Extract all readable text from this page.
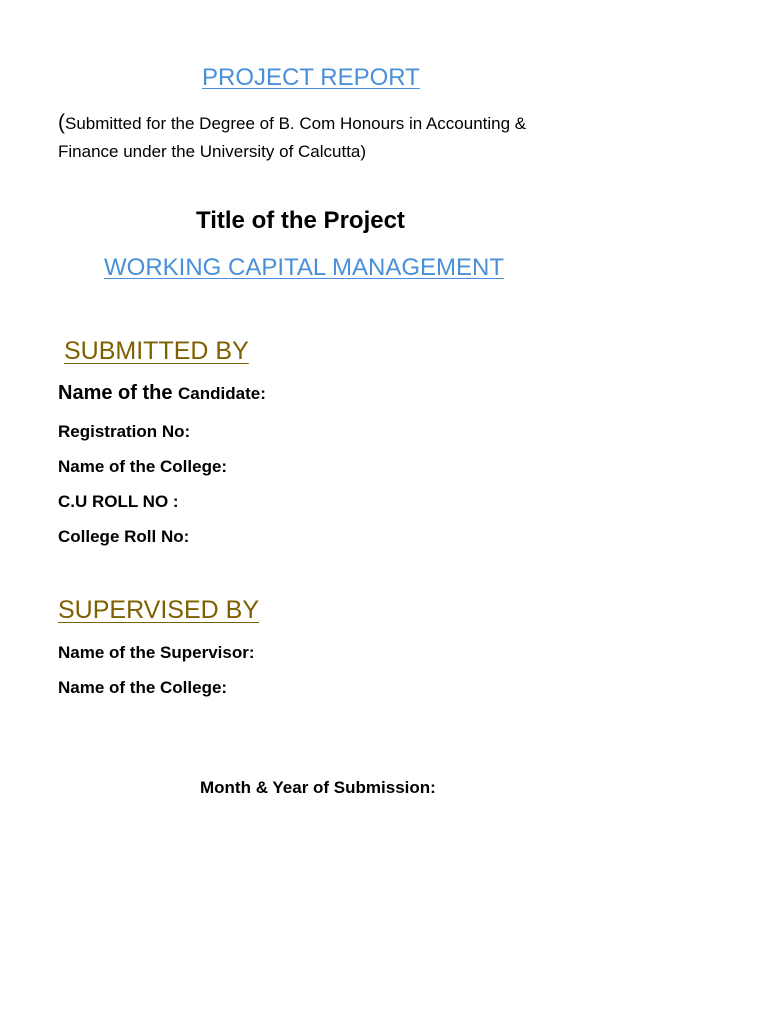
PROJECT REPORT
(Submitted for the Degree of B. Com Honours in Accounting & Finance under the University of Calcutta)
Title of the Project
WORKING CAPITAL MANAGEMENT
SUBMITTED BY
Name of the Candidate:
Registration No:
Name of the College:
C.U ROLL NO :
College Roll No:
SUPERVISED BY
Name of the Supervisor:
Name of the College:
Month & Year of Submission:
